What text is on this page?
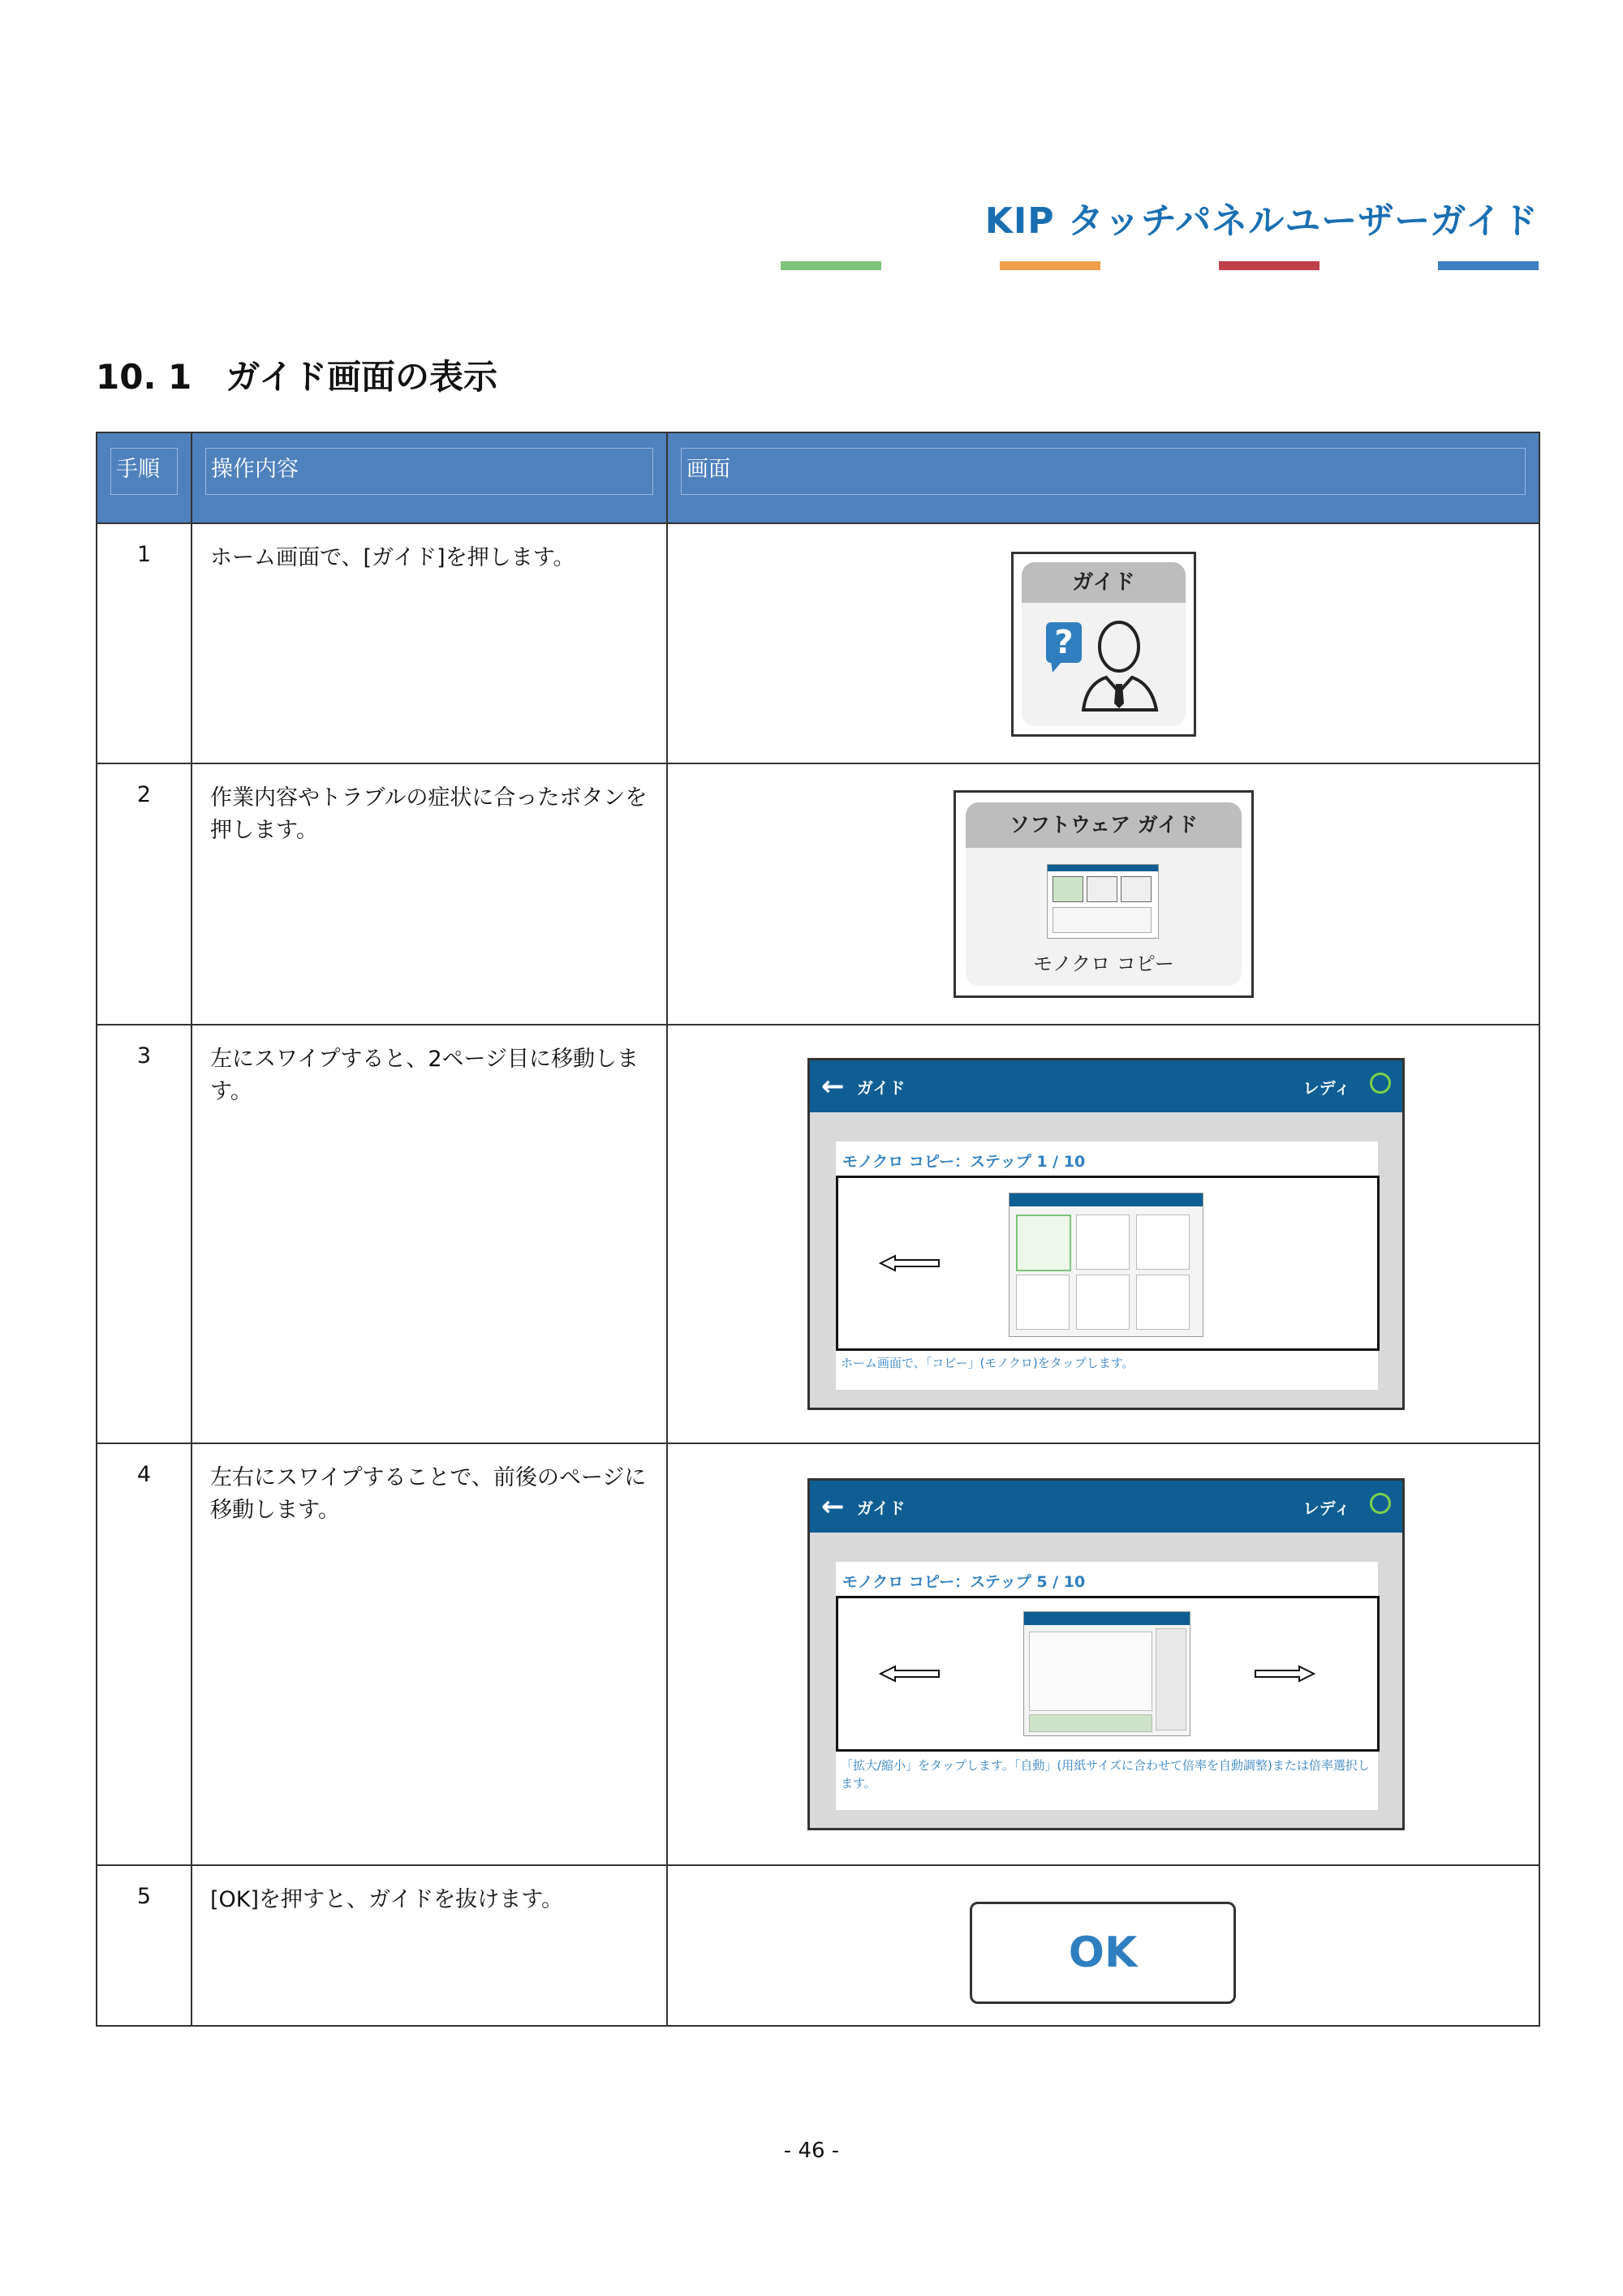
KIP タッチパネルユーザーガイド
10. 1　ガイド画面の表示
手順	操作内容	画面

1	ホーム画面で、[ガイド]を押します。	ガイド
?

2	作業内容やトラブルの症状に合ったボタンを押します。	ソフトウェア ガイド
モノクロ コピー

3	左にスワイプすると、2ページ目に移動します。	← ガイド レディ
モノクロ コピー：ステップ 1 / 10
ホーム画面で、「コピー」(モノクロ)をタップします。

4	左右にスワイプすることで、前後のページに移動します。	← ガイド レディ
モノクロ コピー：ステップ 5 / 10
「拡大/縮小」をタップします。「自動」(用紙サイズに合わせて倍率を自動調整)または倍率選択します。

5	[OK]を押すと、ガイドを抜けます。	OK
- 46 -
